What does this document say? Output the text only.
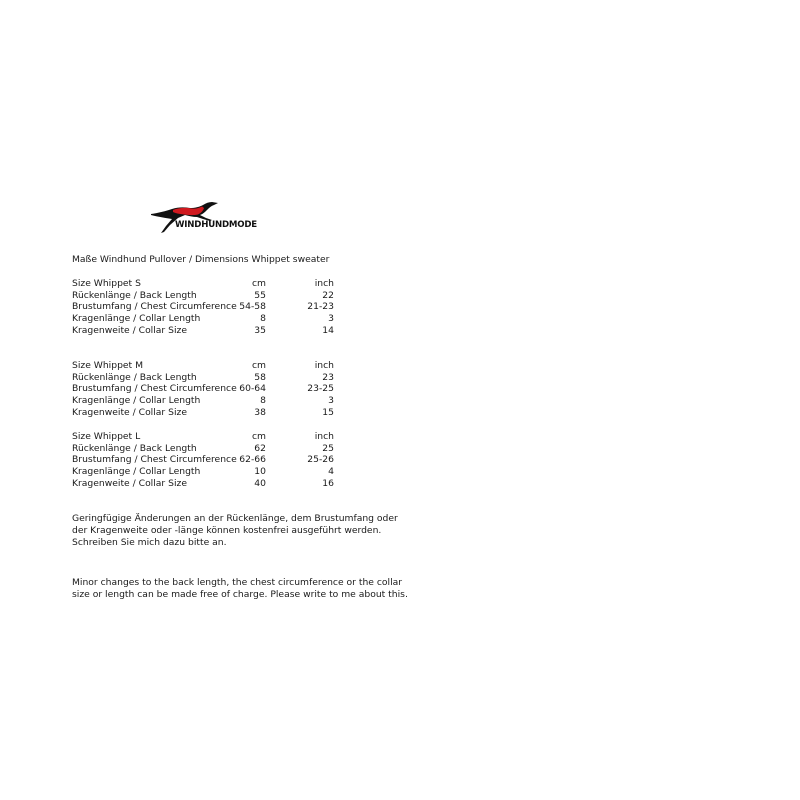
WINDHUNDMODE
Maße Windhund Pullover / Dimensions Whippet sweater
Size Whippet S	cm	inch
Rückenlänge / Back Length	55	22
Brustumfang / Chest Circumference 54-58	21-23
Kragenlänge / Collar Length	8	3
Kragenweite / Collar Size	35	14
Size Whippet M	cm	inch
Rückenlänge / Back Length	58	23
Brustumfang / Chest Circumference 60-64	23-25
Kragenlänge / Collar Length	8	3
Kragenweite / Collar Size	38	15
Size Whippet L	cm	inch
Rückenlänge / Back Length	62	25
Brustumfang / Chest Circumference 62-66	25-26
Kragenlänge / Collar Length	10	4
Kragenweite / Collar Size	40	16
Geringfügige Änderungen an der Rückenlänge, dem Brustumfang oder
der Kragenweite oder -länge können kostenfrei ausgeführt werden.
Schreiben Sie mich dazu bitte an.
Minor changes to the back length, the chest circumference or the collar
size or length can be made free of charge. Please write to me about this.
